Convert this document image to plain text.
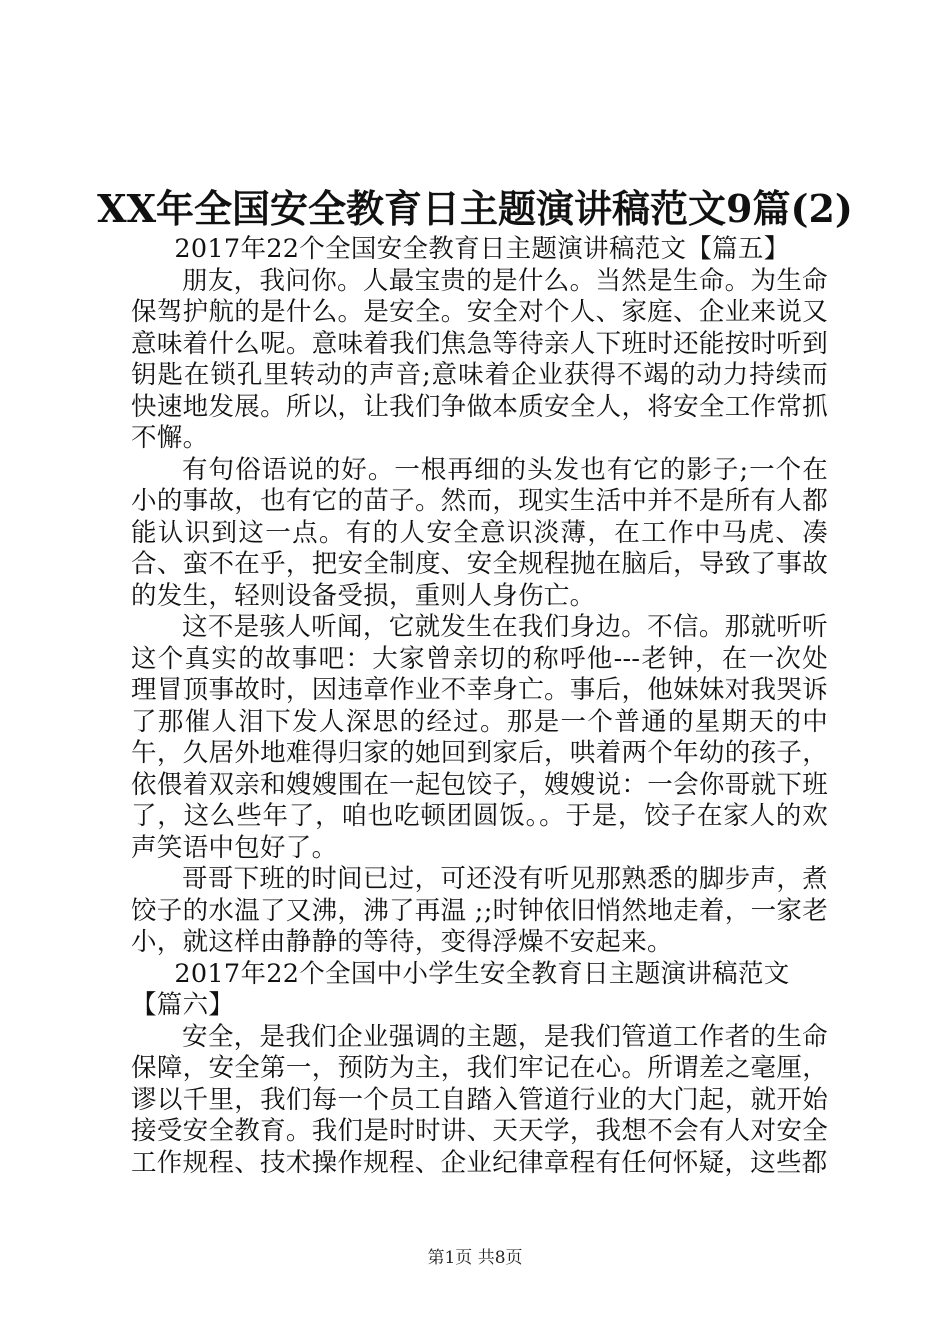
XX年全国安全教育日主题演讲稿范文9篇(2)

2017年22个全国安全教育日主题演讲稿范文【篇五】

朋友，我问你。人最宝贵的是什么。当然是生命。为生命保驾护航的是什么。是安全。安全对个人、家庭、企业来说又意味着什么呢。意味着我们焦急等待亲人下班时还能按时听到钥匙在锁孔里转动的声音;意味着企业获得不竭的动力持续而快速地发展。所以，让我们争做本质安全人，将安全工作常抓不懈。

有句俗语说的好。一根再细的头发也有它的影子;一个在小的事故，也有它的苗子。然而，现实生活中并不是所有人都能认识到这一点。有的人安全意识淡薄，在工作中马虎、凑合、蛮不在乎，把安全制度、安全规程抛在脑后，导致了事故的发生，轻则设备受损，重则人身伤亡。

这不是骇人听闻，它就发生在我们身边。不信。那就听听这个真实的故事吧：大家曾亲切的称呼他---老钟，在一次处理冒顶事故时，因违章作业不幸身亡。事后，他妹妹对我哭诉了那催人泪下发人深思的经过。那是一个普通的星期天的中午，久居外地难得归家的她回到家后，哄着两个年幼的孩子，依偎着双亲和嫂嫂围在一起包饺子，嫂嫂说：一会你哥就下班了，这么些年了，咱也吃顿团圆饭。。于是，饺子在家人的欢声笑语中包好了。

哥哥下班的时间已过，可还没有听见那熟悉的脚步声，煮饺子的水温了又沸，沸了再温 ;;时钟依旧悄然地走着，一家老小，就这样由静静的等待，变得浮燥不安起来。

2017年22个全国中小学生安全教育日主题演讲稿范文【篇六】

安全，是我们企业强调的主题，是我们管道工作者的生命保障，安全第一，预防为主，我们牢记在心。所谓差之毫厘，谬以千里，我们每一个员工自踏入管道行业的大门起，就开始接受安全教育。我们是时时讲、天天学，我想不会有人对安全工作规程、技术操作规程、企业纪律章程有任何怀疑，这些都

第1页 共8页
